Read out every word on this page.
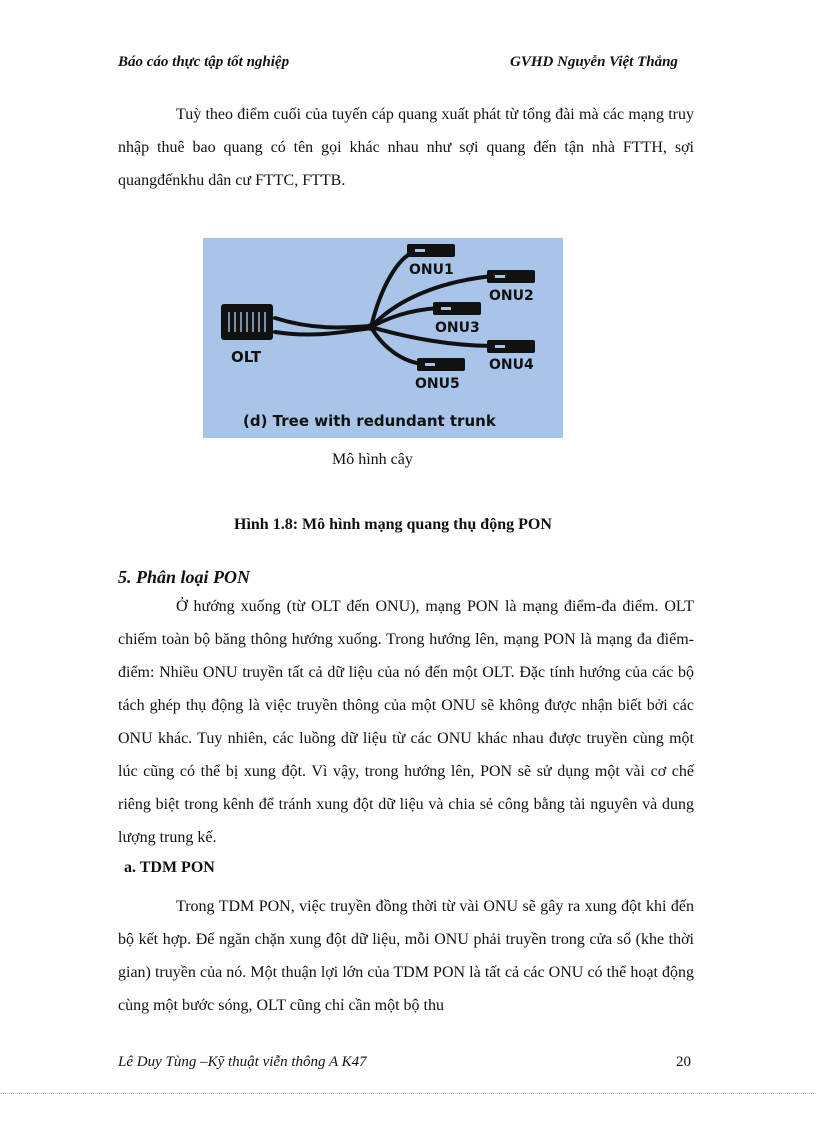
Báo cáo thực tập tốt nghiệp	GVHD Nguyễn Việt Thắng
Tuỳ theo điểm cuối của tuyến cáp quang xuất phát từ tổng đài mà các mạng truy nhập thuê bao quang có tên gọi khác nhau như sợi quang đến tận nhà FTTH, sợi quangđếnkhu dân cư FTTC, FTTB.
OLT
ONU1
ONU2
ONU3
ONU4
ONU5
(d) Tree with redundant trunk
Mô hình cây
Hình 1.8: Mô hình mạng quang thụ động PON
5. Phân loại PON
Ở hướng xuống (từ OLT đến ONU), mạng PON là mạng điểm-đa điểm. OLT chiếm toàn bộ băng thông hướng xuống. Trong hướng lên, mạng PON là mạng đa điểm-điểm: Nhiều ONU truyền tất cả dữ liệu của nó đến một OLT. Đặc tính hướng của các bộ tách ghép thụ động là việc truyền thông của một ONU sẽ không được nhận biết bởi các ONU khác. Tuy nhiên, các luồng dữ liệu từ các ONU khác nhau được truyền cùng một lúc cũng có thể bị xung đột. Vì vậy, trong hướng lên, PON sẽ sử dụng một vài cơ chế riêng biệt trong kênh để tránh xung đột dữ liệu và chia sẻ công bằng tài nguyên và dung lượng trung kế.
a. TDM PON
Trong TDM PON, việc truyền đồng thời từ vài ONU sẽ gây ra xung đột khi đến bộ kết hợp. Để ngăn chặn xung đột dữ liệu, mỗi ONU phải truyền trong cửa sổ (khe thời gian) truyền của nó. Một thuận lợi lớn của TDM PON là tất cả các ONU có thể hoạt động cùng một bước sóng, OLT cũng chỉ cần một bộ thu
Lê Duy Tùng –Kỹ thuật viễn thông A K47	20
